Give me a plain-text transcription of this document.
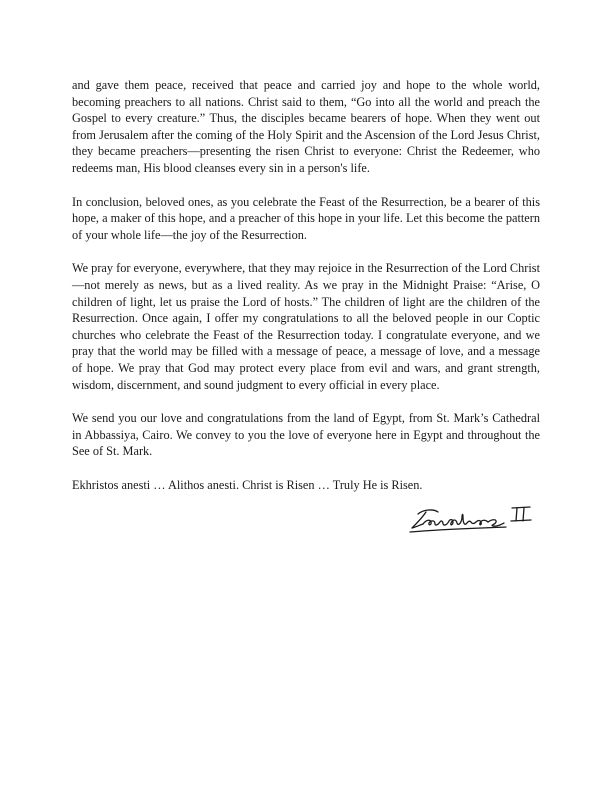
and gave them peace, received that peace and carried joy and hope to the whole world, becoming preachers to all nations. Christ said to them, “Go into all the world and preach the Gospel to every creature.” Thus, the disciples became bearers of hope. When they went out from Jerusalem after the coming of the Holy Spirit and the Ascension of the Lord Jesus Christ, they became preachers—presenting the risen Christ to everyone: Christ the Redeemer, who redeems man, His blood cleanses every sin in a person's life.

In conclusion, beloved ones, as you celebrate the Feast of the Resurrection, be a bearer of this hope, a maker of this hope, and a preacher of this hope in your life. Let this become the pattern of your whole life—the joy of the Resurrection.

We pray for everyone, everywhere, that they may rejoice in the Resurrection of the Lord Christ—not merely as news, but as a lived reality. As we pray in the Midnight Praise: “Arise, O children of light, let us praise the Lord of hosts.” The children of light are the children of the Resurrection. Once again, I offer my congratulations to all the beloved people in our Coptic churches who celebrate the Feast of the Resurrection today. I congratulate everyone, and we pray that the world may be filled with a message of peace, a message of love, and a message of hope. We pray that God may protect every place from evil and wars, and grant strength, wisdom, discernment, and sound judgment to every official in every place.

We send you our love and congratulations from the land of Egypt, from St. Mark’s Cathedral in Abbassiya, Cairo. We convey to you the love of everyone here in Egypt and throughout the See of St. Mark.

Ekhristos anesti … Alithos anesti. Christ is Risen … Truly He is Risen.
